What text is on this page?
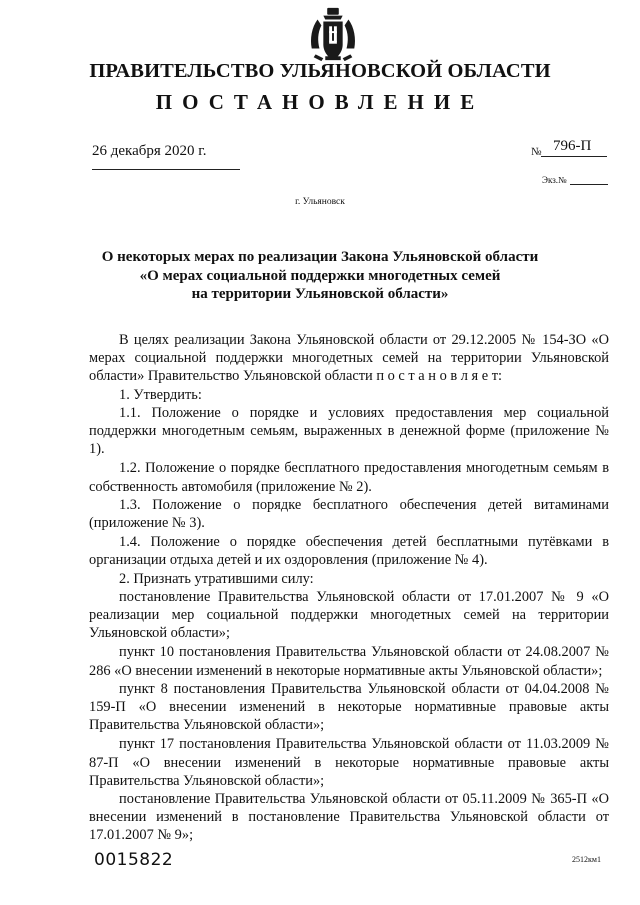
ПРАВИТЕЛЬСТВО УЛЬЯНОВСКОЙ ОБЛАСТИ
ПОСТАНОВЛЕНИЕ
26 декабря 2020 г.	№ 796-П
Экз.№
г. Ульяновск
О некоторых мерах по реализации Закона Ульяновской области
«О мерах социальной поддержки многодетных семей
на территории Ульяновской области»

В целях реализации Закона Ульяновской области от 29.12.2005 № 154-ЗО «О мерах социальной поддержки многодетных семей на территории Ульяновской области» Правительство Ульяновской области п о с т а н о в л я е т:

1. Утвердить:

1.1. Положение о порядке и условиях предоставления мер социальной поддержки многодетным семьям, выраженных в денежной форме (приложение № 1).

1.2. Положение о порядке бесплатного предоставления многодетным семьям в собственность автомобиля (приложение № 2).

1.3. Положение о порядке бесплатного обеспечения детей витаминами (приложение № 3).

1.4. Положение о порядке обеспечения детей бесплатными путёвками в организации отдыха детей и их оздоровления (приложение № 4).

2. Признать утратившими силу:

постановление Правительства Ульяновской области от 17.01.2007 № 9 «О реализации мер социальной поддержки многодетных семей на территории Ульяновской области»;

пункт 10 постановления Правительства Ульяновской области от 24.08.2007 № 286 «О внесении изменений в некоторые нормативные акты Ульяновской области»;

пункт 8 постановления Правительства Ульяновской области от 04.04.2008 № 159-П «О внесении изменений в некоторые нормативные правовые акты Правительства Ульяновской области»;

пункт 17 постановления Правительства Ульяновской области от 11.03.2009 № 87-П «О внесении изменений в некоторые нормативные правовые акты Правительства Ульяновской области»;

постановление Правительства Ульяновской области от 05.11.2009 № 365-П «О внесении изменений в постановление Правительства Ульяновской области от 17.01.2007 № 9»;

0015822	2512км1
